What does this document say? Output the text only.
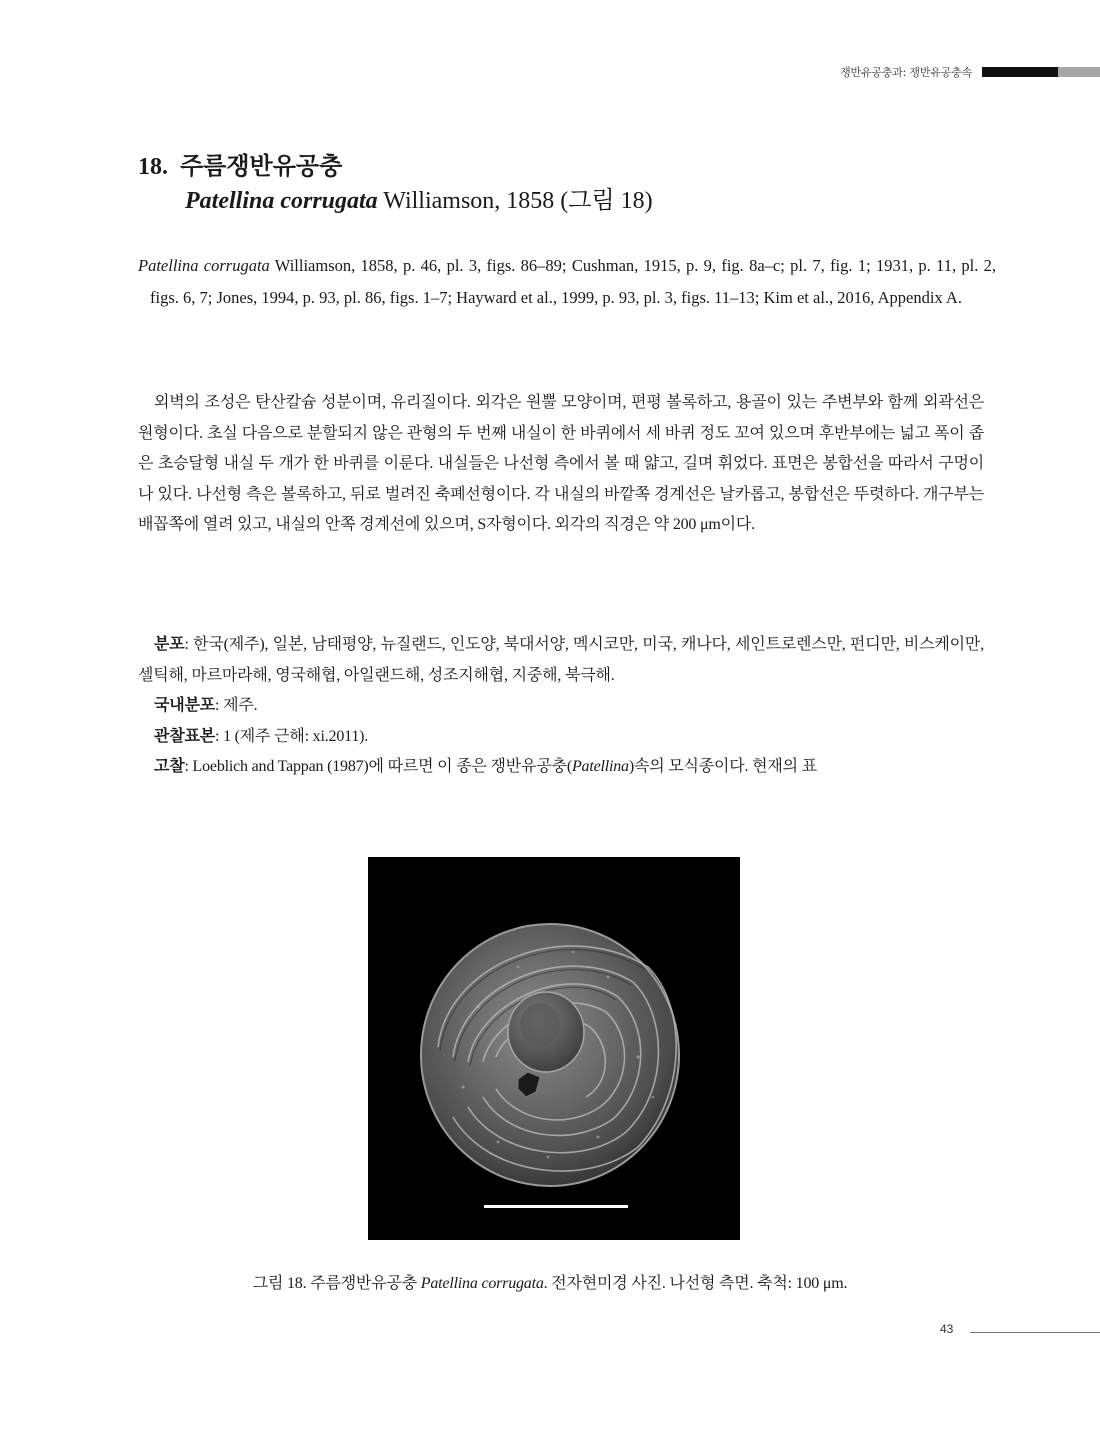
쟁반유공충과: 쟁반유공충속
18. 주름쟁반유공충
Patellina corrugata Williamson, 1858 (그림 18)
Patellina corrugata Williamson, 1858, p. 46, pl. 3, figs. 86–89; Cushman, 1915, p. 9, fig. 8a–c; pl. 7, fig. 1; 1931, p. 11, pl. 2, figs. 6, 7; Jones, 1994, p. 93, pl. 86, figs. 1–7; Hayward et al., 1999, p. 93, pl. 3, figs. 11–13; Kim et al., 2016, Appendix A.
외벽의 조성은 탄산칼슘 성분이며, 유리질이다. 외각은 원뿔 모양이며, 편평 볼록하고, 용골이 있는 주변부와 함께 외곽선은 원형이다. 초실 다음으로 분할되지 않은 관형의 두 번째 내실이 한 바퀴에서 세 바퀴 정도 꼬여 있으며 후반부에는 넓고 폭이 좁은 초승달형 내실 두 개가 한 바퀴를 이룬다. 내실들은 나선형 측에서 볼 때 얇고, 길며 휘었다. 표면은 봉합선을 따라서 구멍이 나 있다. 나선형 측은 볼록하고, 뒤로 벌려진 축폐선형이다. 각 내실의 바깥쪽 경계선은 날카롭고, 봉합선은 뚜렷하다. 개구부는 배꼽쪽에 열려 있고, 내실의 안쪽 경계선에 있으며, S자형이다. 외각의 직경은 약 200 μm이다.

분포: 한국(제주), 일본, 남태평양, 뉴질랜드, 인도양, 북대서양, 멕시코만, 미국, 캐나다, 세인트로렌스만, 펀디만, 비스케이만, 셀틱해, 마르마라해, 영국해협, 아일랜드해, 성조지해협, 지중해, 북극해.

국내분포: 제주.

관찰표본: 1 (제주 근해: xi.2011).

고찰: Loeblich and Tappan (1987)에 따르면 이 종은 쟁반유공충(Patellina)속의 모식종이다. 현재의 표

그림 18. 주름쟁반유공충 Patellina corrugata. 전자현미경 사진. 나선형 측면. 축척: 100 μm.
43
